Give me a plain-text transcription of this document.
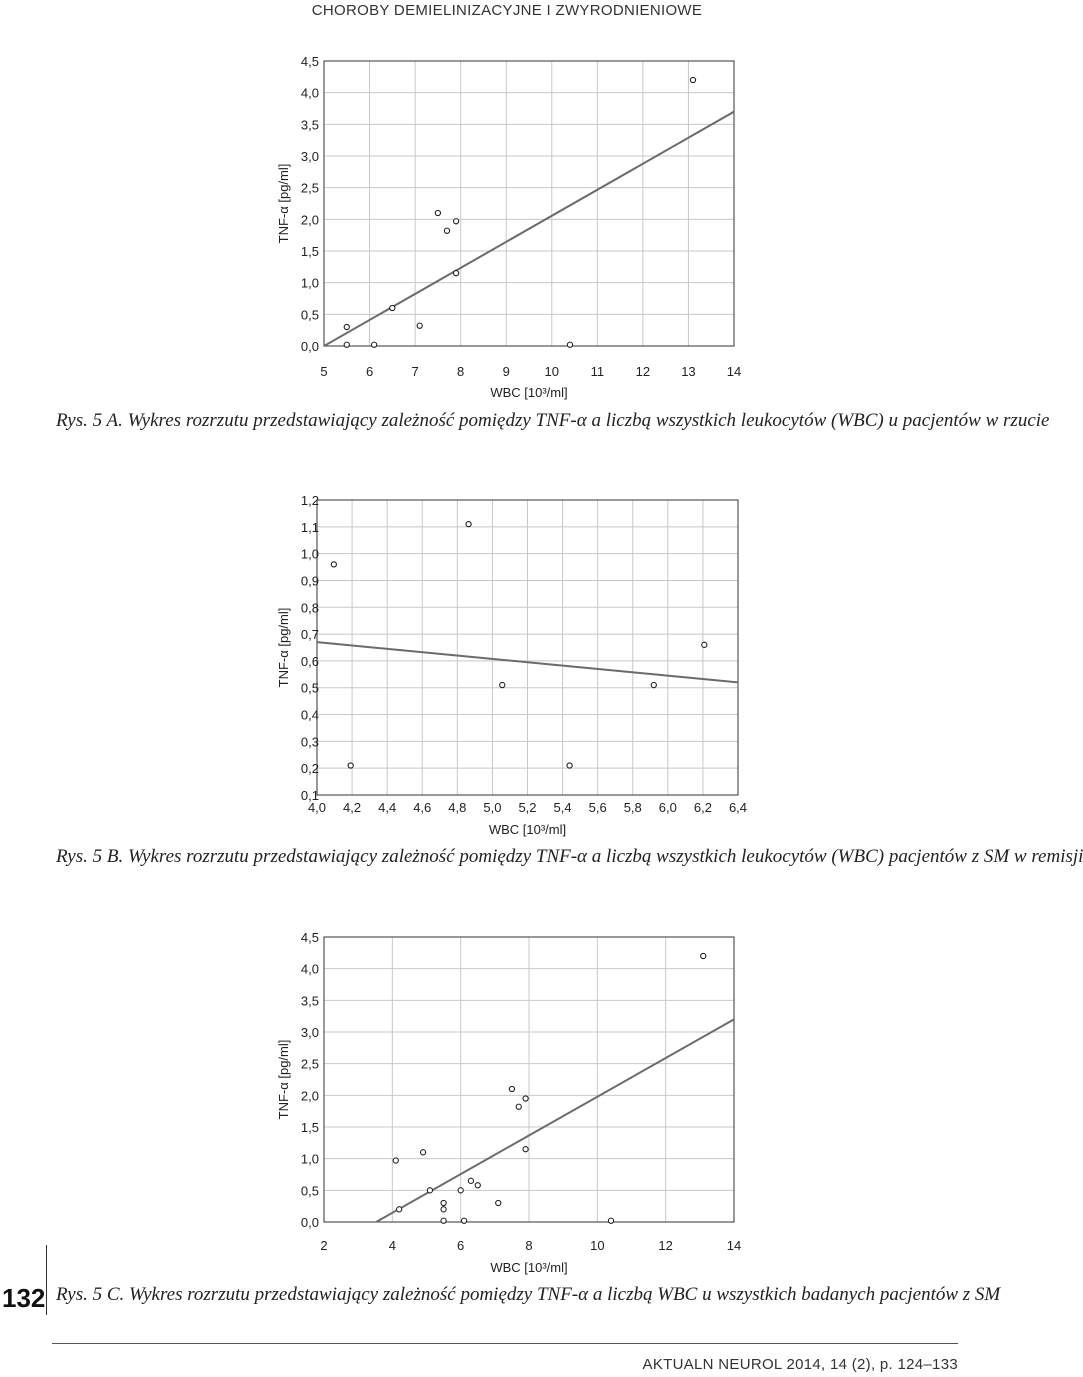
CHOROBY DEMIELINIZACYJNE I ZWYRODNIENIOWE
5	6	7	8	9	10 11 12 13 14
0,0
0,5
1,0
1,5
2,0
2,5
3,0
3,5
4,0
4,5
WBC [10³/ml]
TNF-α [pg/ml]
Rys. 5 A. Wykres rozrzutu przedstawiający zależność pomiędzy TNF-α a liczbą wszystkich leukocytów (WBC) u pacjentów w rzucie
4,0 4,2 4,4 4,6 4,8 5,0 5,2 5,4 5,6 5,8 6,0 6,2 6,4
0,1
0,2
0,3
0,4
0,5
0,6
0,7
0,8
0,9
1,0
1,1
1,2
WBC [10³/ml]
TNF-α [pg/ml]
Rys. 5 B. Wykres rozrzutu przedstawiający zależność pomiędzy TNF-α a liczbą wszystkich leukocytów (WBC) pacjentów z SM w remisji
2	4	6	8	10	12	14
0,0
0,5
1,0
1,5
2,0
2,5
3,0
3,5
4,0
4,5
WBC [10³/ml]
TNF-α [pg/ml]
Rys. 5 C. Wykres rozrzutu przedstawiający zależność pomiędzy TNF-α a liczbą WBC u wszystkich badanych pacjentów z SM
132
AKTUALN NEUROL 2014, 14 (2), p. 124–133
